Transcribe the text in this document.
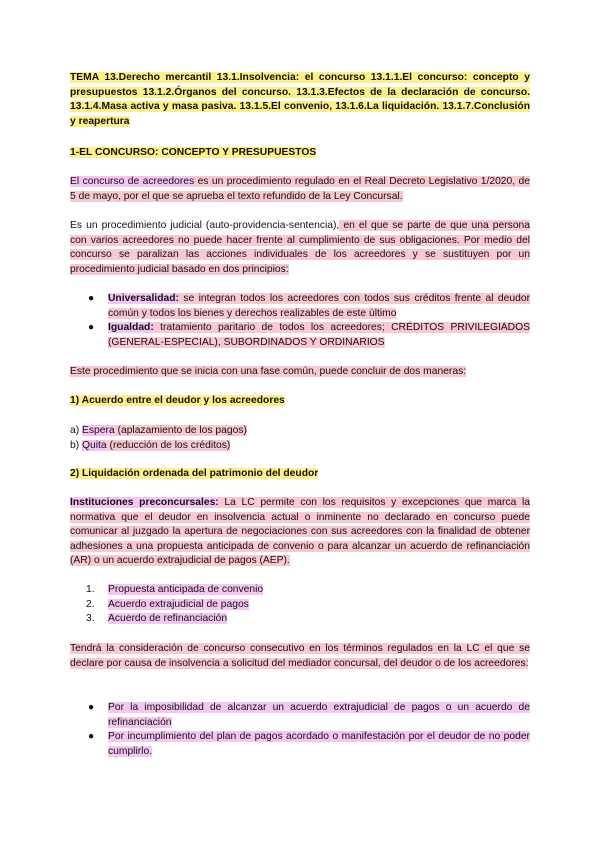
TEMA 13.Derecho mercantil 13.1.Insolvencia: el concurso 13.1.1.El concurso: concepto y presupuestos 13.1.2.Órganos del concurso. 13.1.3.Efectos de la declaración de concurso. 13.1.4.Masa activa y masa pasiva. 13.1.5.El convenio, 13.1.6.La liquidación. 13.1.7.Conclusión y reapertura

1-EL CONCURSO: CONCEPTO Y PRESUPUESTOS

El concurso de acreedores es un procedimiento regulado en el Real Decreto Legislativo 1/2020, de 5 de mayo, por el que se aprueba el texto refundido de la Ley Concursal.

Es un procedimiento judicial (auto-providencia-sentencia), en el que se parte de que una persona con varios acreedores no puede hacer frente al cumplimiento de sus obligaciones. Por medio del concurso se paralizan las acciones individuales de los acreedores y se sustituyen por un procedimiento judicial basado en dos principios:

● Universalidad: se integran todos los acreedores con todos sus créditos frente al deudor común y todos los bienes y derechos realizables de este último
● Igualdad: tratamiento paritario de todos los acreedores; CRÉDITOS PRIVILEGIADOS (GENERAL-ESPECIAL), SUBORDINADOS Y ORDINARIOS

Este procedimiento que se inicia con una fase común, puede concluir de dos maneras:

1) Acuerdo entre el deudor y los acreedores

a) Espera (aplazamiento de los pagos)

b) Quita (reducción de los créditos)

2) Liquidación ordenada del patrimonio del deudor

Instituciones preconcursales: La LC permite con los requisitos y excepciones que marca la normativa que el deudor en insolvencia actual o inminente no declarado en concurso puede comunicar al juzgado la apertura de negociaciones con sus acreedores con la finalidad de obtener adhesiones a una propuesta anticipada de convenio o para alcanzar un acuerdo de refinanciación (AR) o un acuerdo extrajudicial de pagos (AEP).

1. Propuesta anticipada de convenio
2. Acuerdo extrajudicial de pagos
3. Acuerdo de refinanciación

Tendrá la consideración de concurso consecutivo en los términos regulados en la LC el que se declare por causa de insolvencia a solicitud del mediador concursal, del deudor o de los acreedores:

● Por la imposibilidad de alcanzar un acuerdo extrajudicial de pagos o un acuerdo de refinanciación
● Por incumplimiento del plan de pagos acordado o manifestación por el deudor de no poder cumplirlo.
